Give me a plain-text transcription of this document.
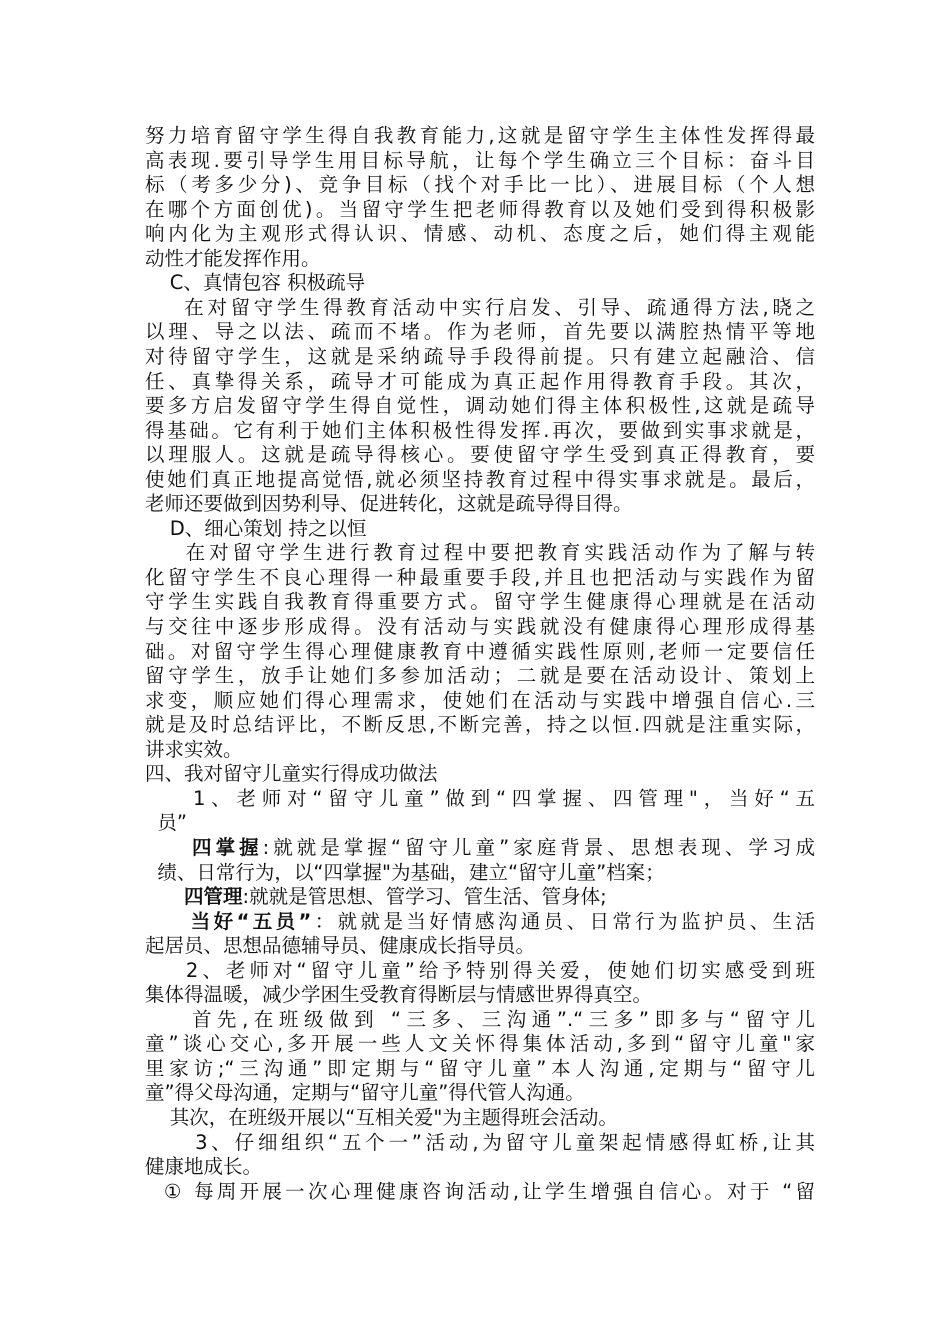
努力培育留守学生得自我教育能力,这就是留守学生主体性发挥得最
高表现.要引导学生用目标导航，让每个学生确立三个目标：奋斗目
标（考多少分)、竞争目标（找个对手比一比）、进展目标（个人想
在哪个方面创优)。当留守学生把老师得教育以及她们受到得积极影
响内化为主观形式得认识、情感、动机、态度之后，她们得主观能
动性才能发挥作用。
C、真情包容 积极疏导
在对留守学生得教育活动中实行启发、引导、疏通得方法,晓之
以理、导之以法、疏而不堵。作为老师，首先要以满腔热情平等地
对待留守学生，这就是采纳疏导手段得前提。只有建立起融洽、信
任、真挚得关系，疏导才可能成为真正起作用得教育手段。其次，
要多方启发留守学生得自觉性，调动她们得主体积极性,这就是疏导
得基础。它有利于她们主体积极性得发挥.再次，要做到实事求就是，
以理服人。这就是疏导得核心。要使留守学生受到真正得教育，要
使她们真正地提高觉悟,就必须坚持教育过程中得实事求就是。最后，
老师还要做到因势利导、促进转化，这就是疏导得目得。
D、细心策划 持之以恒
在对留守学生进行教育过程中要把教育实践活动作为了解与转
化留守学生不良心理得一种最重要手段,并且也把活动与实践作为留
守学生实践自我教育得重要方式。留守学生健康得心理就是在活动
与交往中逐步形成得。没有活动与实践就没有健康得心理形成得基
础。对留守学生得心理健康教育中遵循实践性原则,老师一定要信任
留守学生，放手让她们多参加活动；二就是要在活动设计、策划上
求变，顺应她们得心理需求，使她们在活动与实践中增强自信心.三
就是及时总结评比，不断反思,不断完善，持之以恒.四就是注重实际，
讲求实效。
四、我对留守儿童实行得成功做法
1、老师对“留守儿童”做到“四掌握、四管理"，当好“五
员”
　　四掌握:就就是掌握“留守儿童”家庭背景、思想表现、学习成
绩、日常行为，以“四掌握"为基础，建立“留守儿童”档案；
　　四管理:就就是管思想、管学习、管生活、管身体;
　　当好“五员”：就就是当好情感沟通员、日常行为监护员、生活
起居员、思想品德辅导员、健康成长指导员。
2、老师对“留守儿童”给予特别得关爱，使她们切实感受到班
集体得温暖，减少学困生受教育得断层与情感世界得真空。
首先,在班级做到 “三多、三沟通”.“三多”即多与“留守儿
童”谈心交心,多开展一些人文关怀得集体活动,多到“留守儿童"家
里家访;“三沟通”即定期与“留守儿童”本人沟通,定期与“留守儿
童”得父母沟通，定期与“留守儿童”得代管人沟通。
其次，在班级开展以“互相关爱"为主题得班会活动。
3、仔细组织“五个一”活动,为留守儿童架起情感得虹桥,让其
健康地成长。
① 每周开展一次心理健康咨询活动,让学生增强自信心。对于 “留
